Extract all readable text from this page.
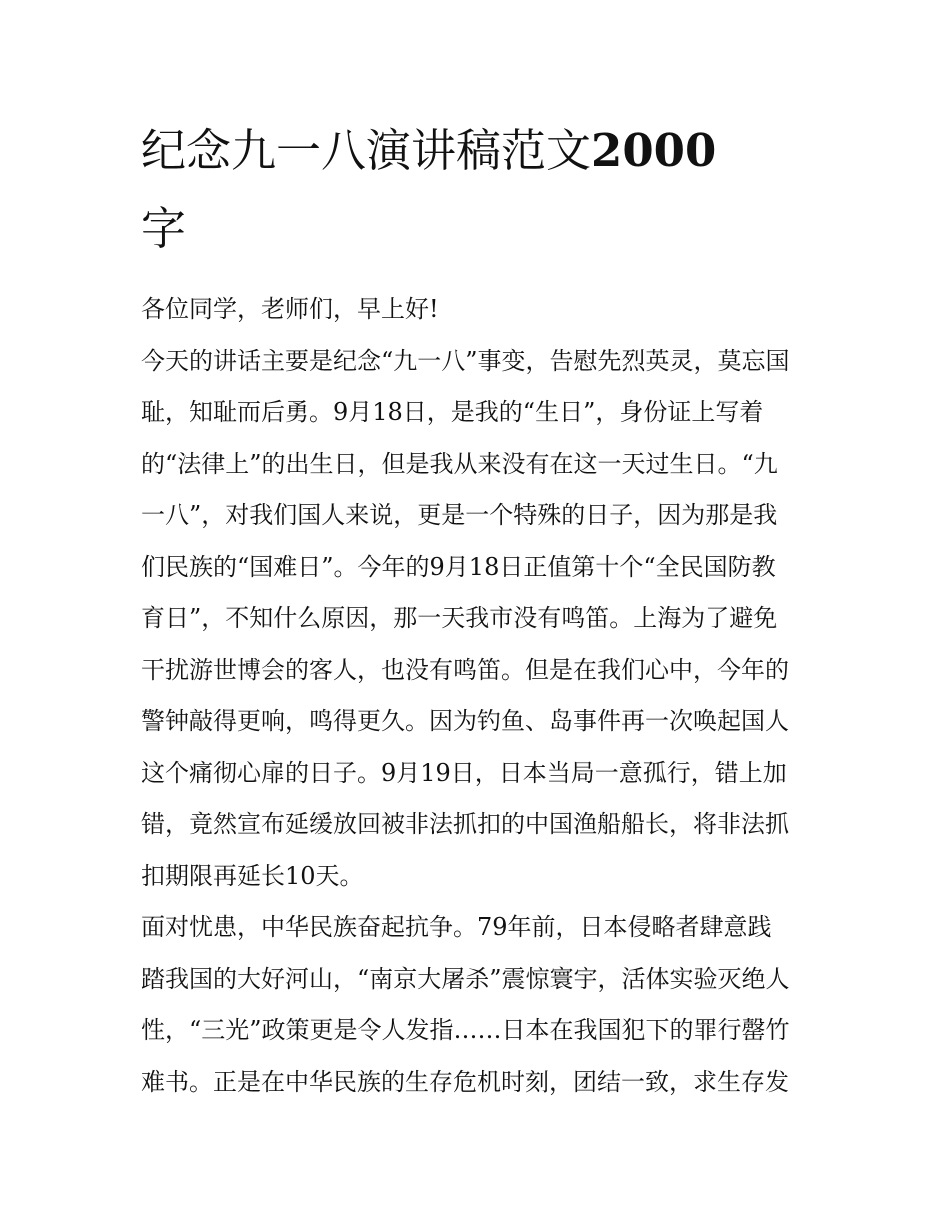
纪念九一八演讲稿范文2000
字
各位同学，老师们，早上好!
今天的讲话主要是纪念“九一八”事变，告慰先烈英灵，莫忘国
耻，知耻而后勇。9月18日，是我的“生日”，身份证上写着
的“法律上”的出生日，但是我从来没有在这一天过生日。“九
一八”，对我们国人来说，更是一个特殊的日子，因为那是我
们民族的“国难日”。今年的9月18日正值第十个“全民国防教
育日”，不知什么原因，那一天我市没有鸣笛。上海为了避免
干扰游世博会的客人，也没有鸣笛。但是在我们心中，今年的
警钟敲得更响，鸣得更久。因为钓鱼、岛事件再一次唤起国人
这个痛彻心扉的日子。9月19日，日本当局一意孤行，错上加
错，竟然宣布延缓放回被非法抓扣的中国渔船船长，将非法抓
扣期限再延长10天。
面对忧患，中华民族奋起抗争。79年前，日本侵略者肆意践
踏我国的大好河山，“南京大屠杀”震惊寰宇，活体实验灭绝人
性，“三光”政策更是令人发指……日本在我国犯下的罪行罄竹
难书。正是在中华民族的生存危机时刻，团结一致，求生存发
